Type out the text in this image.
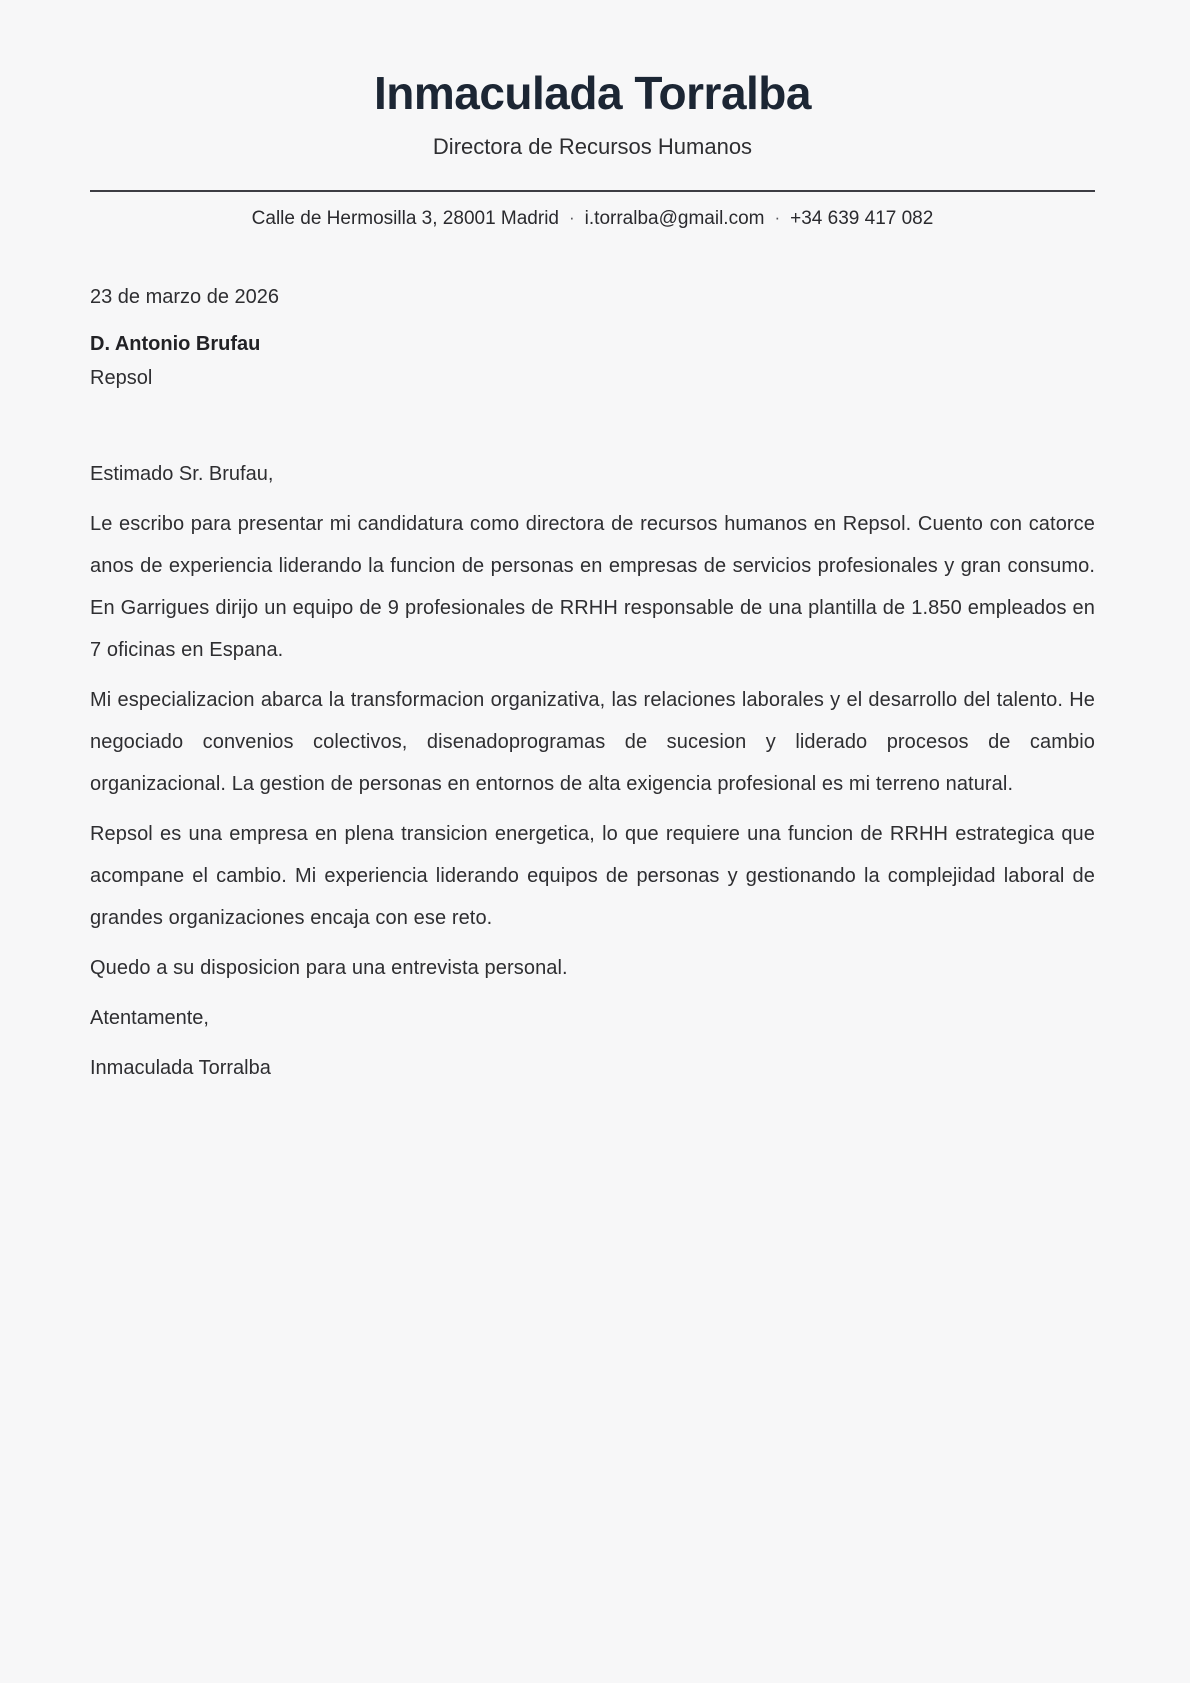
Inmaculada Torralba
Directora de Recursos Humanos
Calle de Hermosilla 3, 28001 Madrid · i.torralba@gmail.com · +34 639 417 082

23 de marzo de 2026

D. Antonio Brufau

Repsol

Estimado Sr. Brufau,

Le escribo para presentar mi candidatura como directora de recursos humanos en Repsol. Cuento con catorce anos de experiencia liderando la funcion de personas en empresas de servicios profesionales y gran consumo. En Garrigues dirijo un equipo de 9 profesionales de RRHH responsable de una plantilla de 1.850 empleados en 7 oficinas en Espana.

Mi especializacion abarca la transformacion organizativa, las relaciones laborales y el desarrollo del talento. He negociado convenios colectivos, disenadoprogramas de sucesion y liderado procesos de cambio organizacional. La gestion de personas en entornos de alta exigencia profesional es mi terreno natural.

Repsol es una empresa en plena transicion energetica, lo que requiere una funcion de RRHH estrategica que acompane el cambio. Mi experiencia liderando equipos de personas y gestionando la complejidad laboral de grandes organizaciones encaja con ese reto.

Quedo a su disposicion para una entrevista personal.

Atentamente,

Inmaculada Torralba
